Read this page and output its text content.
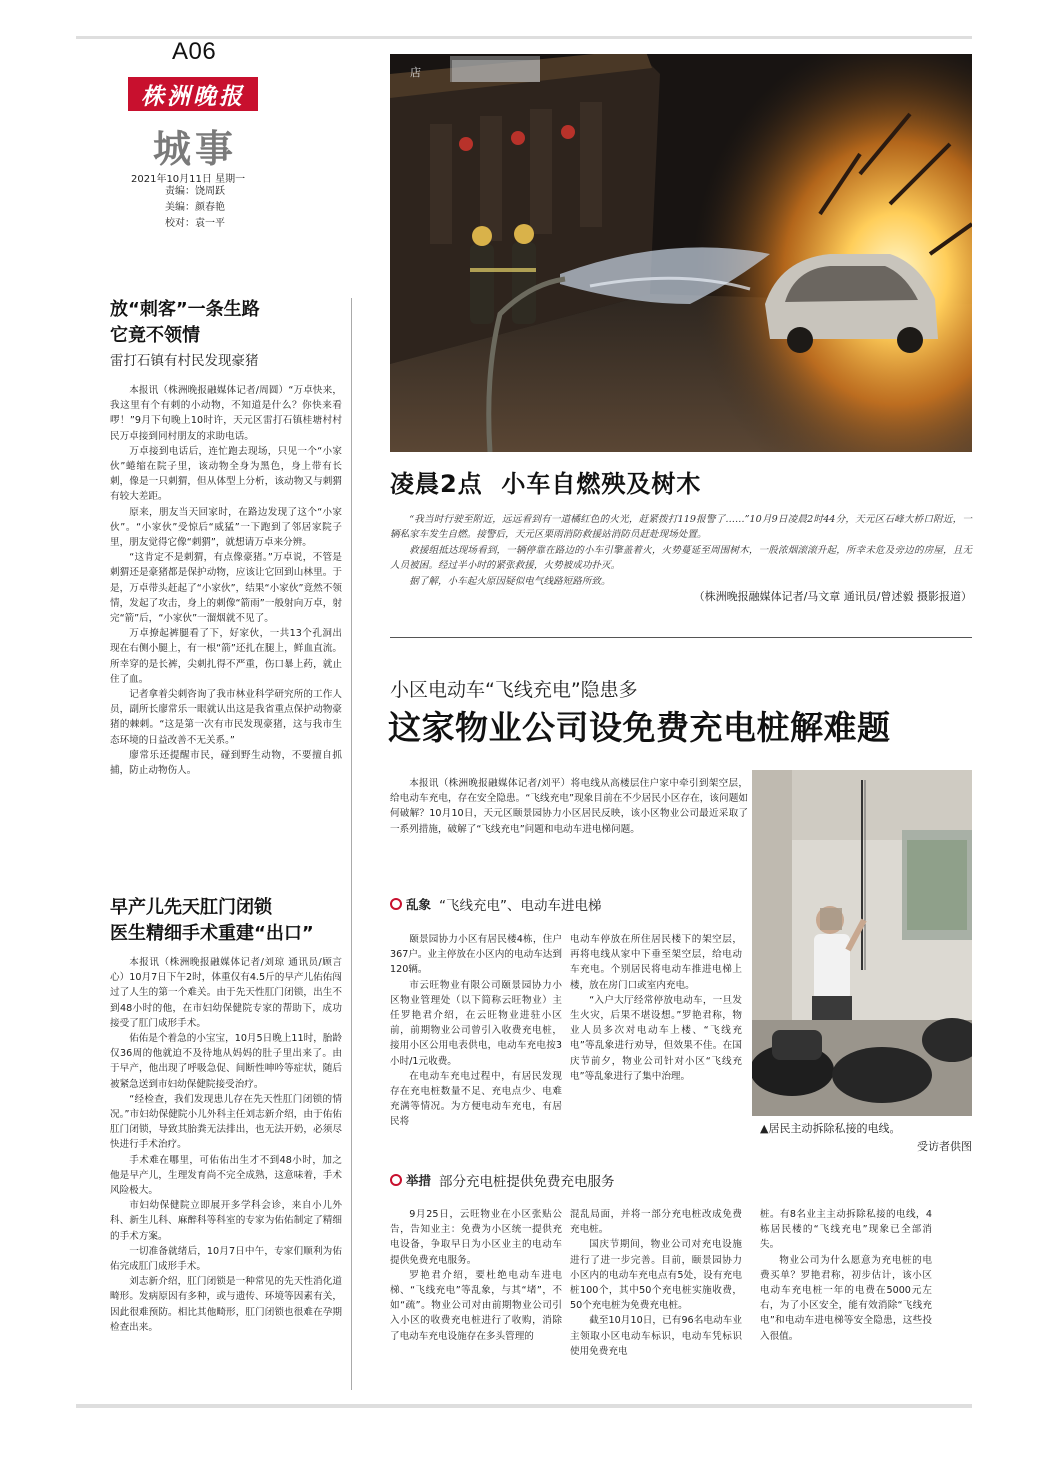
A06
株洲晚报
城事
2021年10月11日 星期一
责编：饶周跃
美编：颜春艳
校对：袁一平
店
凌晨2点  小车自燃殃及树木

“我当时行驶至附近，远远看到有一道橘红色的火光，赶紧拨打119报警了……”10月9日凌晨2时44分，天元区石峰大桥口附近，一辆私家车发生自燃。接警后，天元区栗雨消防救援站消防员赶赴现场处置。

救援组抵达现场看到，一辆停靠在路边的小车引擎盖着火，火势蔓延至周围树木，一股浓烟滚滚升起，所幸未危及旁边的房屋，且无人员被困。经过半小时的紧张救援，火势被成功扑灭。

据了解，小车起火原因疑似电气线路短路所致。

（株洲晚报融媒体记者/马文章 通讯员/曾述毅 摄影报道）
放“刺客”一条生路
它竟不领情
雷打石镇有村民发现豪猪

本报讯（株洲晚报融媒体记者/周圆）“万卓快来，我这里有个有刺的小动物，不知道是什么？你快来看啰！”9月下旬晚上10时许，天元区雷打石镇桂塘村村民万卓接到同村朋友的求助电话。

万卓接到电话后，连忙跑去现场，只见一个“小家伙”蜷缩在院子里，该动物全身为黑色，身上带有长刺，像是一只刺猬，但从体型上分析，该动物又与刺猬有较大差距。

原来，朋友当天回家时，在路边发现了这个“小家伙”。“小家伙”受惊后“威猛”一下跑到了邻居家院子里，朋友觉得它像“刺猬”，就想请万卓来分辨。

“这肯定不是刺猬，有点像豪猪。”万卓说，不管是刺猬还是豪猪都是保护动物，应该让它回到山林里。于是，万卓带头赶起了“小家伙”，结果“小家伙”竟然不领情，发起了攻击，身上的刺像“箭雨”一般射向万卓，射完“箭”后，“小家伙”一溜烟就不见了。

万卓撩起裤腿看了下，好家伙，一共13个孔洞出现在右侧小腿上，有一根“箭”还扎在腿上，鲜血直流。所幸穿的是长裤，尖刺扎得不严重，伤口暴上药，就止住了血。

记者拿着尖刺咨询了我市林业科学研究所的工作人员，副所长廖常乐一眼就认出这是我省重点保护动物豪猪的棘刺。“这是第一次有市民发现豪猪，这与我市生态环境的日益改善不无关系。”

廖常乐还提醒市民，碰到野生动物，不要擅自抓捕，防止动物伤人。

早产儿先天肛门闭锁
医生精细手术重建“出口”

本报讯（株洲晚报融媒体记者/刘琼 通讯员/顾言心）10月7日下午2时，体重仅有4.5斤的早产儿佑佑闯过了人生的第一个难关。由于先天性肛门闭锁，出生不到48小时的他，在市妇幼保健院专家的帮助下，成功接受了肛门成形手术。

佑佑是个着急的小宝宝，10月5日晚上11时，胎龄仅36周的他就迫不及待地从妈妈的肚子里出来了。由于早产，他出现了呼吸急促、间断性呻吟等症状，随后被紧急送到市妇幼保健院接受治疗。

“经检查，我们发现患儿存在先天性肛门闭锁的情况。”市妇幼保健院小儿外科主任刘志新介绍，由于佑佑肛门闭锁，导致其胎粪无法排出，也无法开奶，必须尽快进行手术治疗。

手术难在哪里，可佑佑出生才不到48小时，加之他是早产儿，生理发育尚不完全成熟，这意味着，手术风险极大。

市妇幼保健院立即展开多学科会诊，来自小儿外科、新生儿科、麻醉科等科室的专家为佑佑制定了精细的手术方案。

一切准备就绪后，10月7日中午，专家们顺利为佑佑完成肛门成形手术。

刘志新介绍，肛门闭锁是一种常见的先天性消化道畸形。发病原因有多种，或与遗传、环境等因素有关，因此很难预防。相比其他畸形，肛门闭锁也很难在孕期检查出来。

小区电动车“飞线充电”隐患多
这家物业公司设免费充电桩解难题

本报讯（株洲晚报融媒体记者/刘平）将电线从高楼层住户家中牵引到架空层，给电动车充电，存在安全隐患。“飞线充电”现象目前在不少居民小区存在，该问题如何破解？10月10日，天元区颐景园协力小区居民反映，该小区物业公司最近采取了一系列措施，破解了“飞线充电”问题和电动车进电梯问题。

▲居民主动拆除私接的电线。
受访者供图
乱象 “飞线充电”、电动车进电梯

颐景园协力小区有居民楼4栋，住户367户。业主停放在小区内的电动车达到120辆。

市云旺物业有限公司颐景园协力小区物业管理处（以下简称云旺物业）主任罗艳君介绍，在云旺物业进驻小区前，前期物业公司曾引入收费充电桩，接用小区公用电表供电，电动车充电按3小时/1元收费。

在电动车充电过程中，有居民发现存在充电桩数量不足、充电点少、电难充满等情况。为方便电动车充电，有居民将

电动车停放在所住居民楼下的架空层，再将电线从家中下垂至架空层，给电动车充电。个别居民将电动车推进电梯上楼，放在房门口或室内充电。

“入户大厅经常停放电动车，一旦发生火灾，后果不堪设想。”罗艳君称，物业人员多次对电动车上楼、“飞线充电”等乱象进行劝导，但效果不佳。在国庆节前夕，物业公司针对小区“飞线充电”等乱象进行了集中治理。

举措 部分充电桩提供免费充电服务

9月25日，云旺物业在小区张贴公告，告知业主：免费为小区统一提供充电设备，争取早日为小区业主的电动车提供免费充电服务。

罗艳君介绍，要杜绝电动车进电梯、“飞线充电”等乱象，与其“堵”，不如“疏”。物业公司对由前期物业公司引入小区的收费充电桩进行了收购，消除了电动车充电设施存在多头管理的

混乱局面，并将一部分充电桩改成免费充电桩。

国庆节期间，物业公司对充电设施进行了进一步完善。目前，颐景园协力小区内的电动车充电点有5处，设有充电桩100个，其中50个充电桩实施收费，50个充电桩为免费充电桩。

截至10月10日，已有96名电动车业主领取小区电动车标识，电动车凭标识使用免费充电

桩。有8名业主主动拆除私接的电线，4栋居民楼的“飞线充电”现象已全部消失。

物业公司为什么愿意为充电桩的电费买单？罗艳君称，初步估计，该小区电动车充电桩一年的电费在5000元左右，为了小区安全，能有效消除“飞线充电”和电动车进电梯等安全隐患，这些投入很值。
